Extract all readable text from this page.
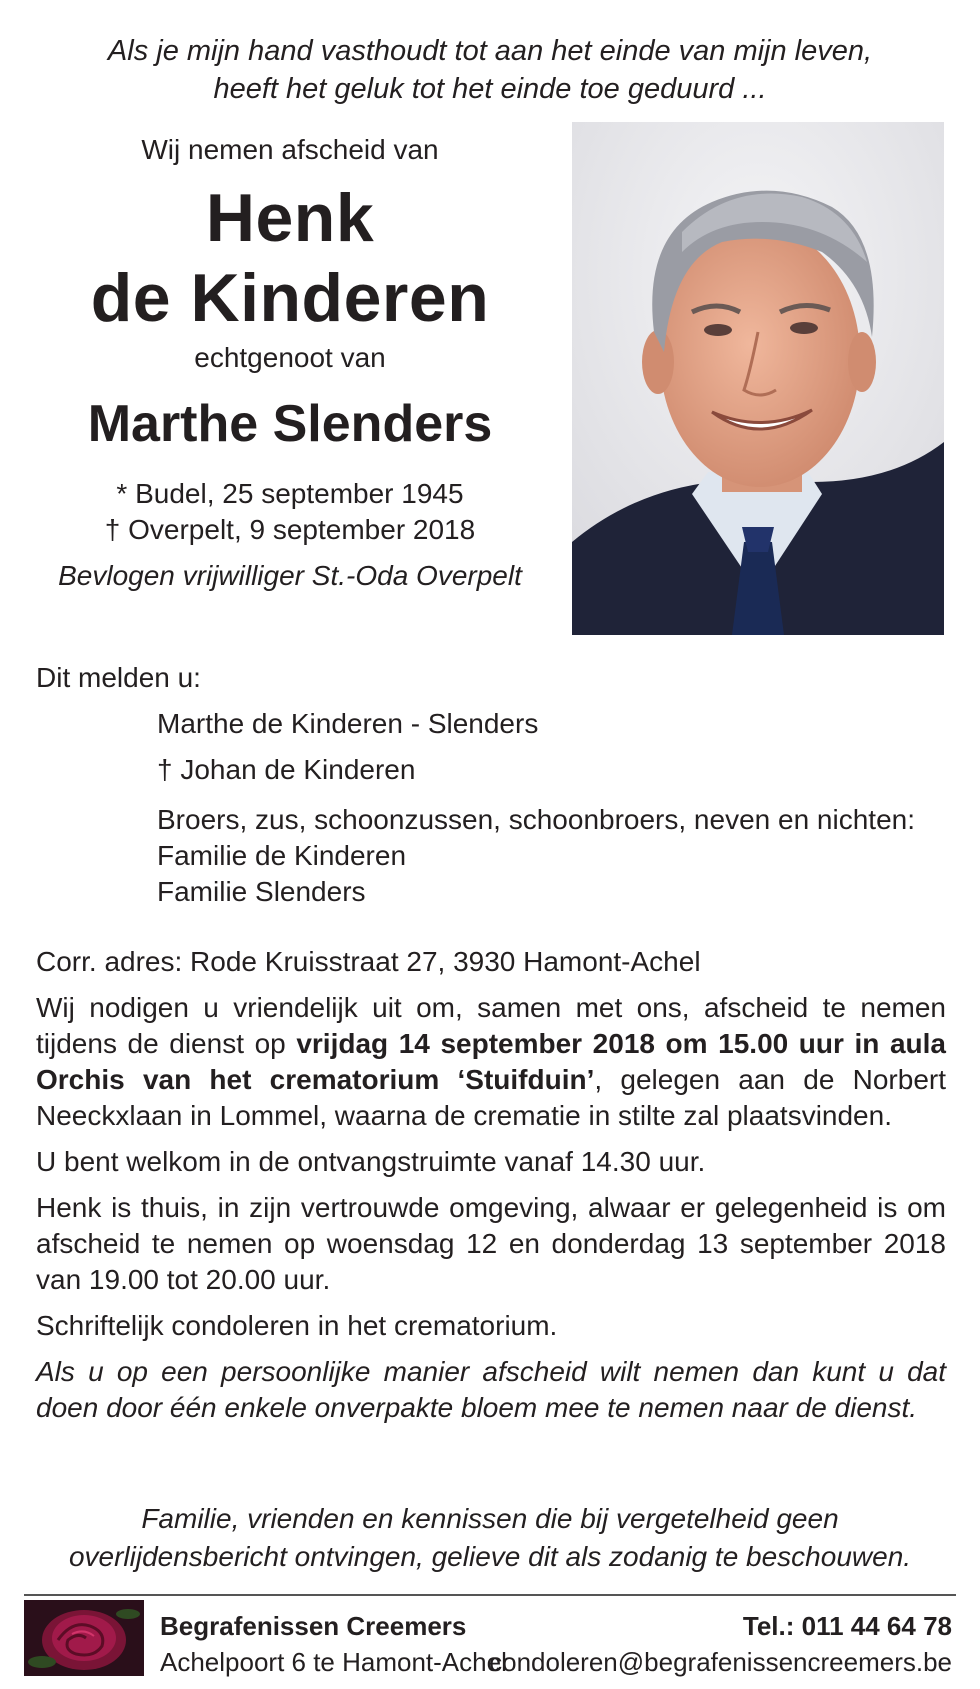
Als je mijn hand vasthoudt tot aan het einde van mijn leven,
heeft het geluk tot het einde toe geduurd ...
Wij nemen afscheid van
Henk
de Kinderen
echtgenoot van
Marthe Slenders
* Budel, 25 september 1945
† Overpelt, 9 september 2018
Bevlogen vrijwilliger St.-Oda Overpelt
Dit melden u:
Marthe de Kinderen - Slenders
† Johan de Kinderen
Broers, zus, schoonzussen, schoonbroers, neven en nichten:
Familie de Kinderen
Familie Slenders
Corr. adres: Rode Kruisstraat 27, 3930 Hamont-Achel
Wij nodigen u vriendelijk uit om, samen met ons, afscheid te nemen tijdens de dienst op vrijdag 14 september 2018 om 15.00 uur in aula Orchis van het crematorium ‘Stuifduin’, gelegen aan de Norbert Neeckxlaan in Lommel, waarna de crematie in stilte zal plaatsvinden.
U bent welkom in de ontvangstruimte vanaf 14.30 uur.
Henk is thuis, in zijn vertrouwde omgeving, alwaar er gelegenheid is om afscheid te nemen op woensdag 12 en donderdag 13 september 2018 van 19.00 tot 20.00 uur.
Schriftelijk condoleren in het crematorium.
Als u op een persoonlijke manier afscheid wilt nemen dan kunt u dat doen door één enkele onverpakte bloem mee te nemen naar de dienst.
Familie, vrienden en kennissen die bij vergetelheid geen
overlijdensbericht ontvingen, gelieve dit als zodanig te beschouwen.
Begrafenissen Creemers
Achelpoort 6 te Hamont-Achel
Tel.: 011 44 64 78
condoleren@begrafenissencreemers.be
